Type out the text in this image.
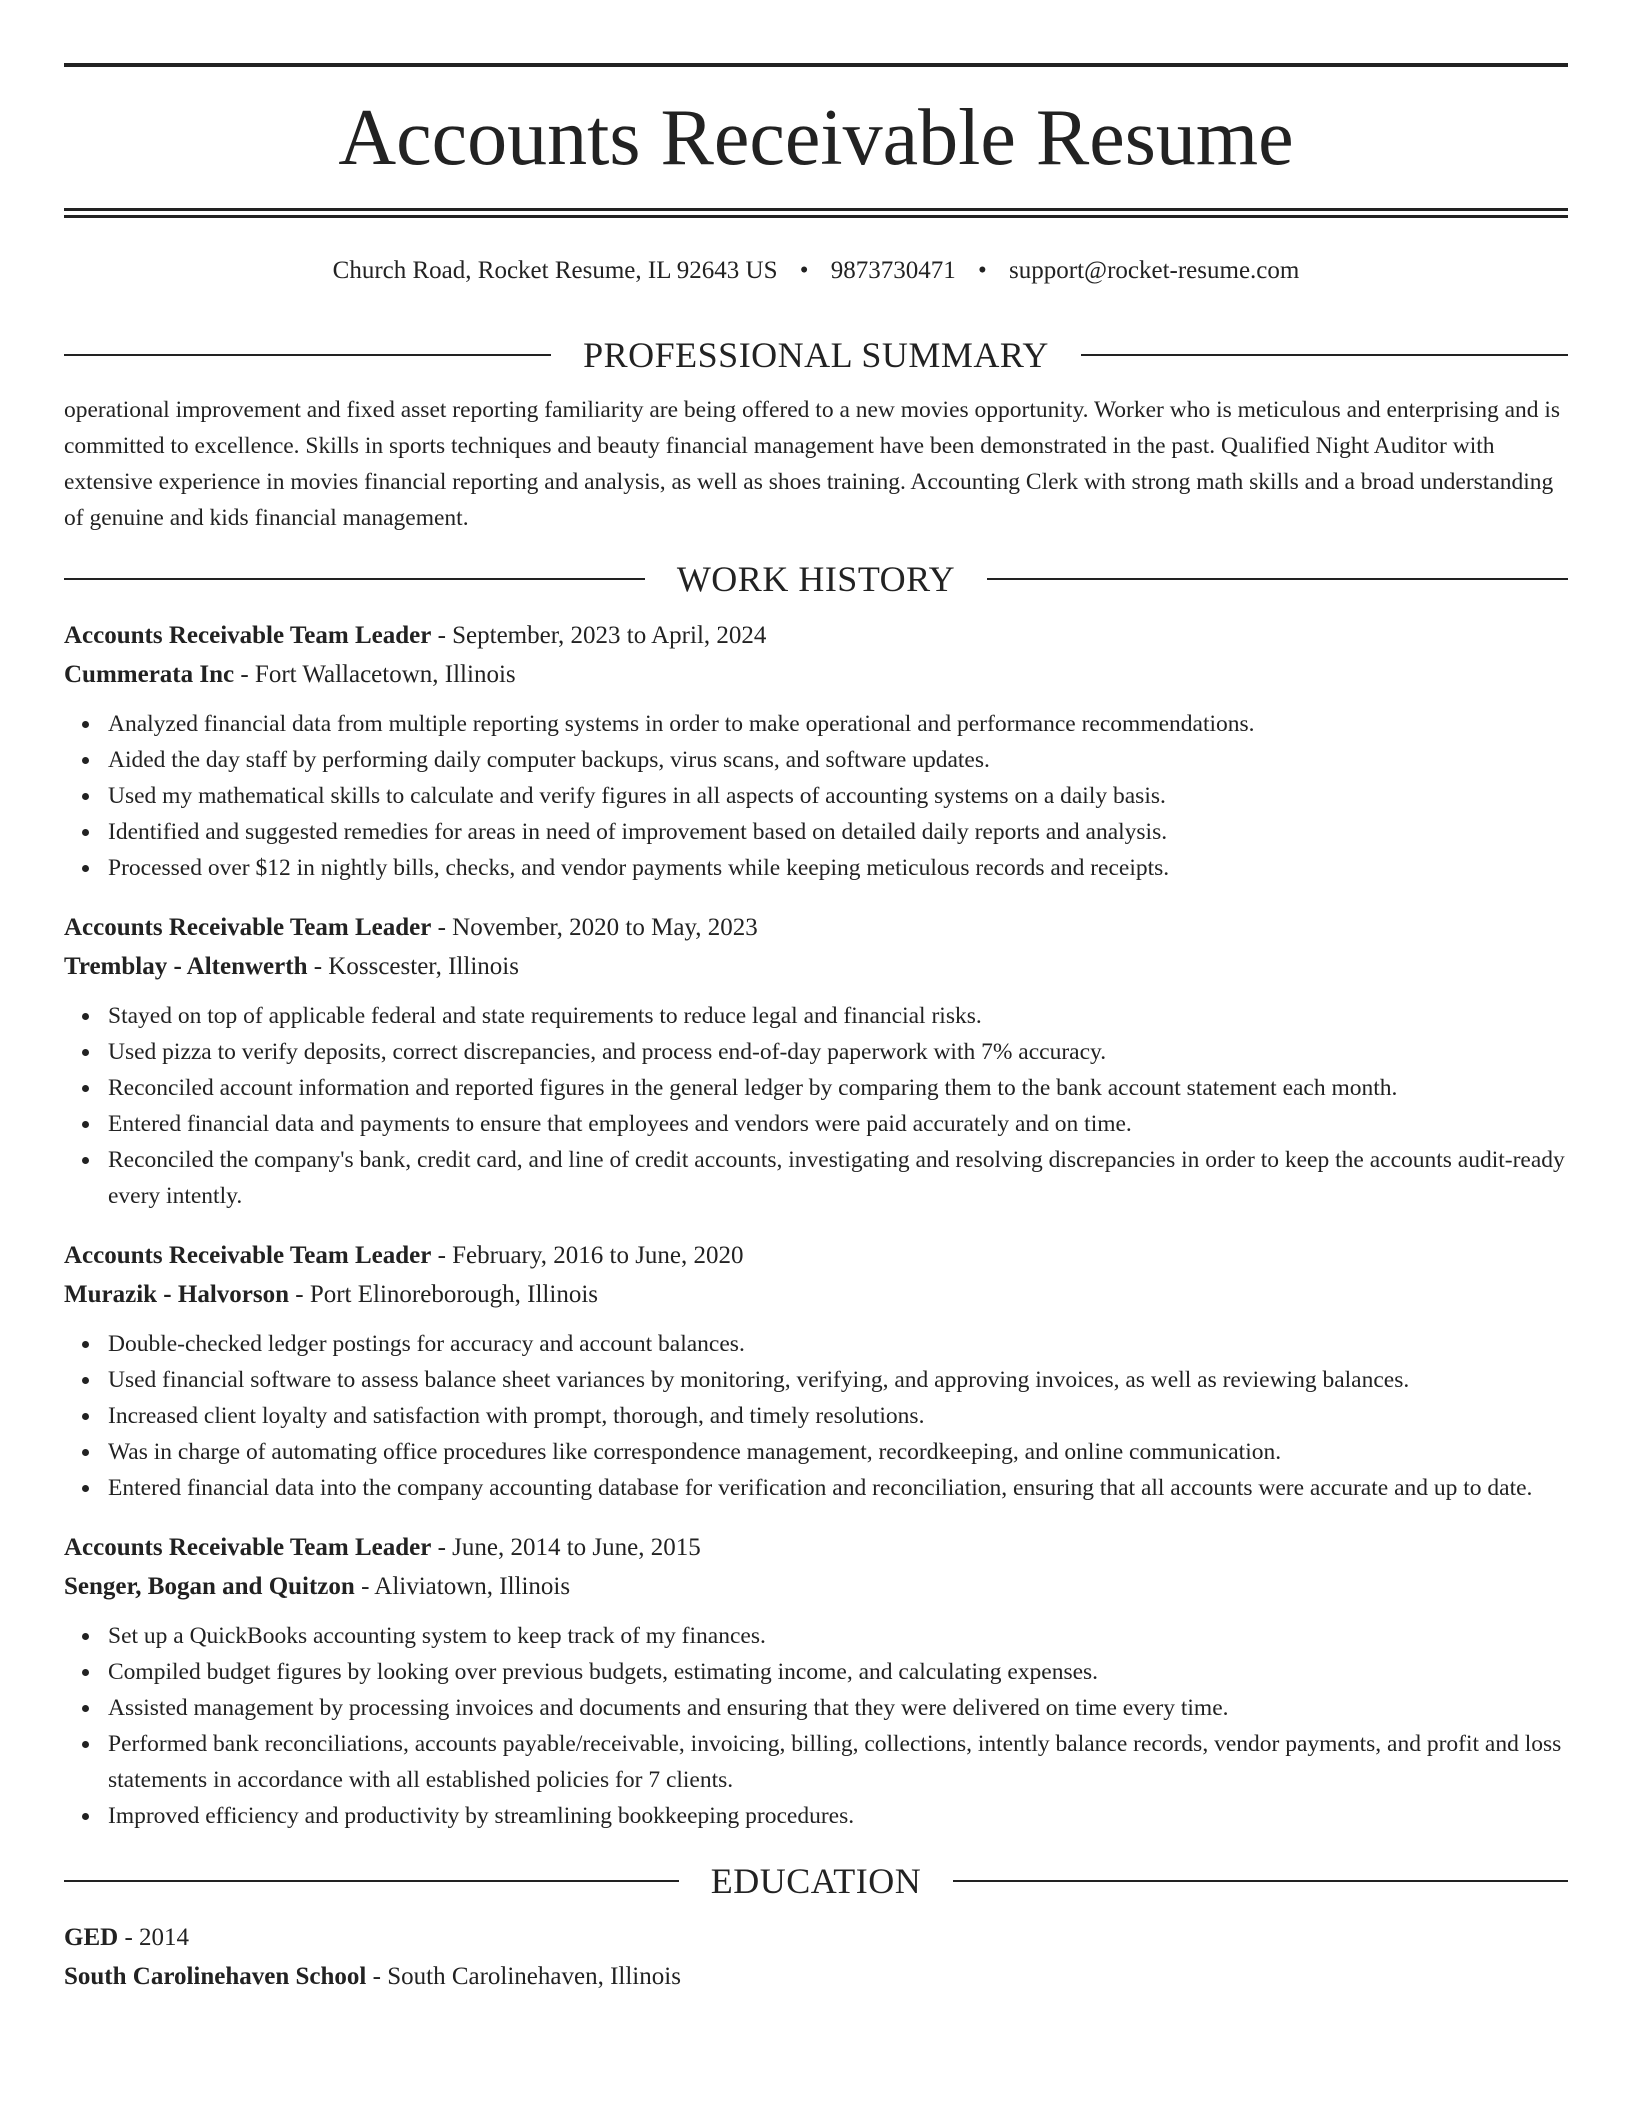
Accounts Receivable Resume
Church Road, Rocket Resume, IL 92643 US • 9873730471 • support@rocket-resume.com
PROFESSIONAL SUMMARY

operational improvement and fixed asset reporting familiarity are being offered to a new movies opportunity. Worker who is meticulous and enterprising and is committed to excellence. Skills in sports techniques and beauty financial management have been demonstrated in the past. Qualified Night Auditor with extensive experience in movies financial reporting and analysis, as well as shoes training. Accounting Clerk with strong math skills and a broad understanding of genuine and kids financial management.

WORK HISTORY
Accounts Receivable Team Leader - September, 2023 to April, 2024
Cummerata Inc - Fort Wallacetown, Illinois
Analyzed financial data from multiple reporting systems in order to make operational and performance recommendations.
Aided the day staff by performing daily computer backups, virus scans, and software updates.
Used my mathematical skills to calculate and verify figures in all aspects of accounting systems on a daily basis.
Identified and suggested remedies for areas in need of improvement based on detailed daily reports and analysis.
Processed over $12 in nightly bills, checks, and vendor payments while keeping meticulous records and receipts.
Accounts Receivable Team Leader - November, 2020 to May, 2023
Tremblay - Altenwerth - Kosscester, Illinois
Stayed on top of applicable federal and state requirements to reduce legal and financial risks.
Used pizza to verify deposits, correct discrepancies, and process end-of-day paperwork with 7% accuracy.
Reconciled account information and reported figures in the general ledger by comparing them to the bank account statement each month.
Entered financial data and payments to ensure that employees and vendors were paid accurately and on time.
Reconciled the company's bank, credit card, and line of credit accounts, investigating and resolving discrepancies in order to keep the accounts audit-ready every intently.
Accounts Receivable Team Leader - February, 2016 to June, 2020
Murazik - Halvorson - Port Elinoreborough, Illinois
Double-checked ledger postings for accuracy and account balances.
Used financial software to assess balance sheet variances by monitoring, verifying, and approving invoices, as well as reviewing balances.
Increased client loyalty and satisfaction with prompt, thorough, and timely resolutions.
Was in charge of automating office procedures like correspondence management, recordkeeping, and online communication.
Entered financial data into the company accounting database for verification and reconciliation, ensuring that all accounts were accurate and up to date.
Accounts Receivable Team Leader - June, 2014 to June, 2015
Senger, Bogan and Quitzon - Aliviatown, Illinois
Set up a QuickBooks accounting system to keep track of my finances.
Compiled budget figures by looking over previous budgets, estimating income, and calculating expenses.
Assisted management by processing invoices and documents and ensuring that they were delivered on time every time.
Performed bank reconciliations, accounts payable/receivable, invoicing, billing, collections, intently balance records, vendor payments, and profit and loss statements in accordance with all established policies for 7 clients.
Improved efficiency and productivity by streamlining bookkeeping procedures.
EDUCATION
GED - 2014
South Carolinehaven School - South Carolinehaven, Illinois
